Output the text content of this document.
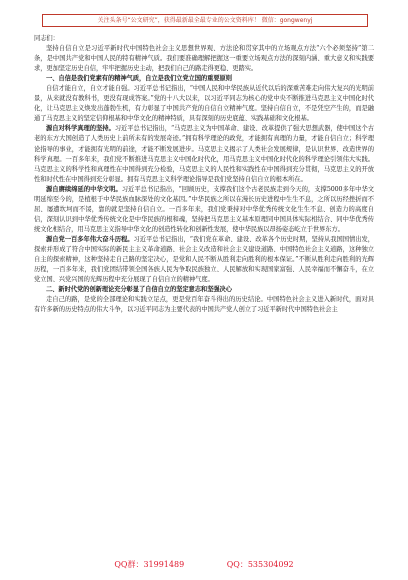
关注头条号“公文研究”，获得最新最全最专业的公文资料库！ 微信：gongwenyj

同志们：

坚持自信自立是习近平新时代中国特色社会主义思想世界观、方法论和贯穿其中的立场观点方法“六个必须坚持”第二条，是中国共产党和中国人民的特有精神气质。我们要准确理解把握这一重要立场观点方法的深刻内涵、重大意义和实践要求，更加坚定历史自信，牢牢把握历史主动，把我们自己的路走得更稳、更踏实。

一、自信是我们党素有的精神气质，自立是我们立党立国的重要原则

自信才能自立，自立才能自强。习近平总书记指出，“中国人民和中华民族从近代以后的深重苦难走向伟大复兴的光明前景，从来就没有教科书，更没有现成答案。”党的十八大以来，以习近平同志为核心的党中央不断推进马克思主义中国化时代化，让马克思主义焕发出蓬勃生机，有力彰显了中国共产党的自信自立精神气度。坚持自信自立，不是凭空产生的，而是融通了马克思主义的坚定信仰根基和中华文化的精神特质，具有深刻的历史底蕴、实践基础和文化根基。

源自对科学真理的坚持。习近平总书记指出，“马克思主义为中国革命、建设、改革提供了强大思想武器，使中国这个古老的东方大国创造了人类历史上前所未有的发展奇迹。”拥有科学理论的政党，才能拥有真理的力量，才能自信自立；科学理论指导的事业，才能拥有光明的前途，才能不断发展进步。马克思主义揭示了人类社会发展规律，是认识世界、改造世界的科学真理。一百多年来，我们党不断推进马克思主义中国化时代化，用马克思主义中国化时代化的科学理论引领伟大实践。马克思主义的科学性和真理性在中国得到充分检验，马克思主义的人民性和实践性在中国得到充分贯彻，马克思主义的开放性和时代性在中国得到充分彰显。拥有马克思主义科学理论指导是我们党坚持自信自立的根本所在。

源自赓续绵延的中华文明。习近平总书记指出，“回顾历史，支撑我们这个古老民族走到今天的，支撑5000多年中华文明延绵至今的，是植根于中华民族血脉深处的文化基因。”中华民族之所以在漫长历史进程中生生不息，之所以历经挫折而不屈、屡遭坎坷而不馁，靠的就是坚持自信自立。一百多年来，我们党秉持对中华优秀传统文化生生不息、创造力的高度自信，深刻认识到中华优秀传统文化是中华民族的根和魂，坚持把马克思主义基本原理同中国具体实际相结合、同中华优秀传统文化相结合，用马克思主义指导中华文化的创造性转化和创新性发展，使中华民族以昂扬姿态屹立于世界东方。

源自党一百多年伟大奋斗历程。习近平总书记指出，“我们党在革命、建设、改革各个历史时期，坚持从我国国情出发，探索并形成了符合中国实际的新民主主义革命道路、社会主义改造和社会主义建设道路、中国特色社会主义道路，这种独立自主的探索精神，这种坚持走自己路的坚定决心，是党和人民不断从胜利走向胜利的根本保证。”不断从胜利走向胜利的光辉历程，一百多年来，我们党团结带领全国各族人民为争取民族独立、人民解放和实现国家富强、人民幸福而不懈奋斗，在立党立国、兴党兴国的光辉历程中充分展现了自信自立的精神气度。

二、新时代党的创新理论充分彰显了自信自立的坚定意志和坚强决心

走自己的路，是党的全部理论和实践立足点，更是党百年奋斗得出的历史结论。中国特色社会主义进入新时代，面对具有许多新的历史特点的伟大斗争，以习近平同志为主要代表的中国共产党人创立了习近平新时代中国特色社会主

QQ群：31991489	QQ：535304092
